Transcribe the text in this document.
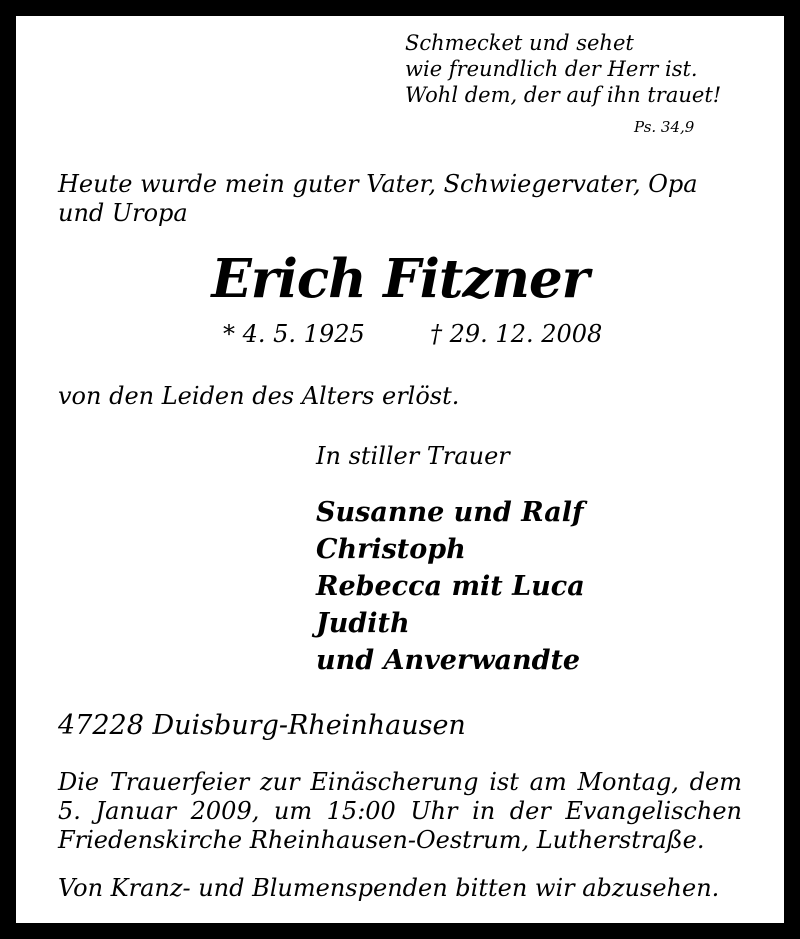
Schmecket und sehet
wie freundlich der Herr ist.
Wohl dem, der auf ihn trauet!
Ps. 34,9
Heute wurde mein guter Vater, Schwiegervater, Opa
und Uropa
Erich Fitzner
* 4. 5. 1925	† 29. 12. 2008
von den Leiden des Alters erlöst.
In stiller Trauer
Susanne und Ralf
Christoph
Rebecca mit Luca
Judith
und Anverwandte
47228 Duisburg-Rheinhausen
Die Trauerfeier zur Einäscherung ist am Montag, dem
5. Januar 2009, um 15:00 Uhr in der Evangelischen
Friedenskirche Rheinhausen-Oestrum, Lutherstraße.
Von Kranz- und Blumenspenden bitten wir abzusehen.
